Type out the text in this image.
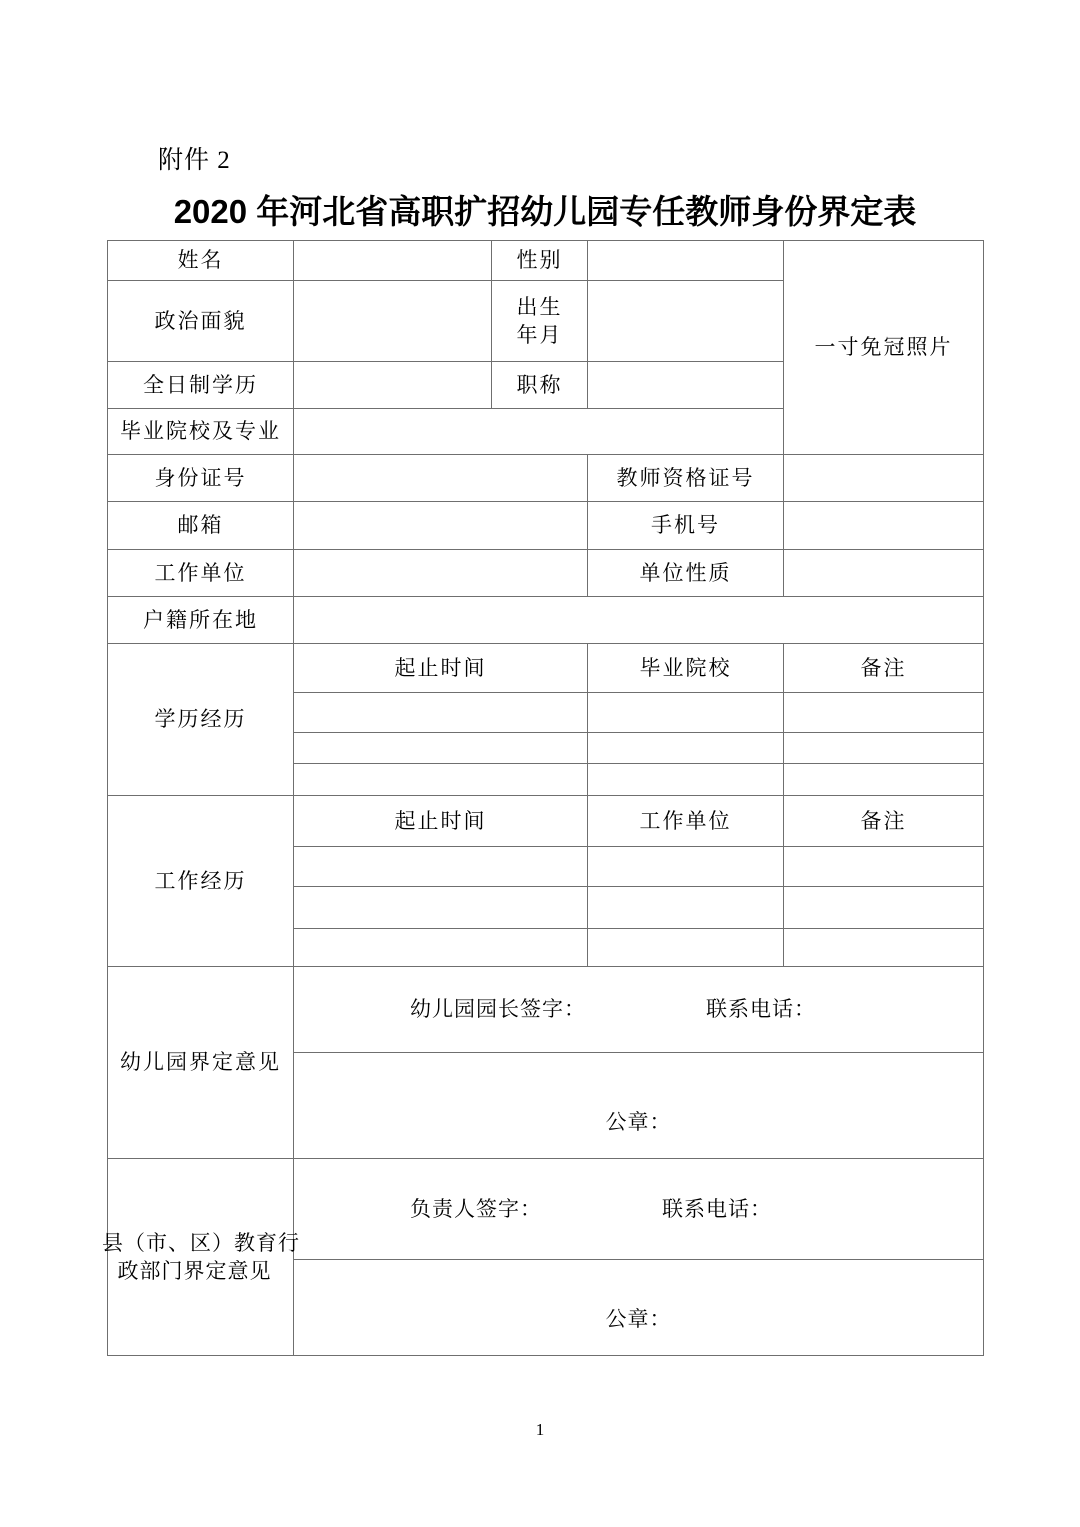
附件 2
2020 年河北省高职扩招幼儿园专任教师身份界定表
姓名		性别		一寸免冠照片
政治面貌		出生
年月		
全日制学历		职称		
毕业院校及专业				
身份证号			教师资格证号	
邮箱			手机号	
工作单位			单位性质	
户籍所在地				
学历经历	起止时间		毕业院校	备注

工作经历	起止时间		工作单位	备注

幼儿园界定意见	幼儿园园长签字： 联系电话：			

	公章：			

县（市、区）教育行
政部门界定意见	负责人签字： 联系电话：			

	公章：			
1
